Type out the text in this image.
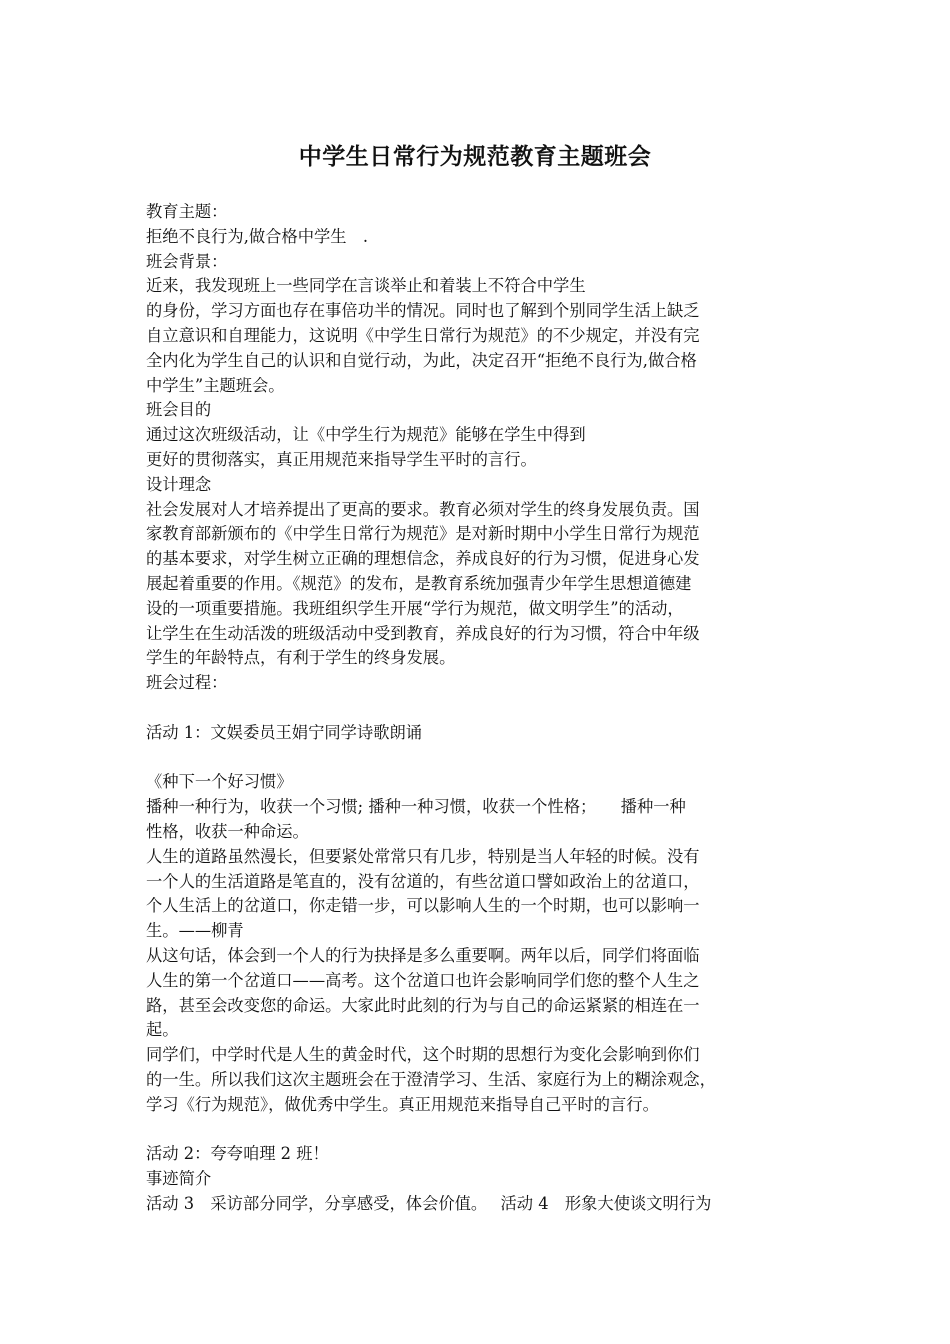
中学生日常行为规范教育主题班会
教育主题：
拒绝不良行为,做合格中学生　.
班会背景：
近来，我发现班上一些同学在言谈举止和着装上不符合中学生
的身份，学习方面也存在事倍功半的情况。同时也了解到个别同学生活上缺乏
自立意识和自理能力，这说明《中学生日常行为规范》的不少规定，并没有完
全内化为学生自己的认识和自觉行动，为此，决定召开“拒绝不良行为,做合格
中学生”主题班会。
班会目的
通过这次班级活动，让《中学生行为规范》能够在学生中得到
更好的贯彻落实，真正用规范来指导学生平时的言行。
设计理念
社会发展对人才培养提出了更高的要求。教育必须对学生的终身发展负责。国
家教育部新颁布的《中学生日常行为规范》是对新时期中小学生日常行为规范
的基本要求，对学生树立正确的理想信念，养成良好的行为习惯，促进身心发
展起着重要的作用。《规范》的发布，是教育系统加强青少年学生思想道德建
设的一项重要措施。我班组织学生开展“学行为规范，做文明学生”的活动，
让学生在生动活泼的班级活动中受到教育，养成良好的行为习惯，符合中年级
学生的年龄特点，有利于学生的终身发展。
班会过程：
活动 1：文娱委员王娟宁同学诗歌朗诵
《种下一个好习惯》
播种一种行为，收获一个习惯; 播种一种习惯，收获一个性格；　　播种一种
性格，收获一种命运。
人生的道路虽然漫长，但要紧处常常只有几步，特别是当人年轻的时候。没有
一个人的生活道路是笔直的，没有岔道的，有些岔道口譬如政治上的岔道口，
个人生活上的岔道口，你走错一步，可以影响人生的一个时期，也可以影响一
生。——柳青
从这句话，体会到一个人的行为抉择是多么重要啊。两年以后，同学们将面临
人生的第一个岔道口——高考。这个岔道口也许会影响同学们您的整个人生之
路，甚至会改变您的命运。大家此时此刻的行为与自己的命运紧紧的相连在一
起。
同学们，中学时代是人生的黄金时代，这个时期的思想行为变化会影响到你们
的一生。所以我们这次主题班会在于澄清学习、生活、家庭行为上的糊涂观念，
学习《行为规范》，做优秀中学生。真正用规范来指导自己平时的言行。
活动 2：夸夸咱理 2 班！
事迹简介
活动 3　采访部分同学，分享感受，体会价值。　 活动 4　形象大使谈文明行为
